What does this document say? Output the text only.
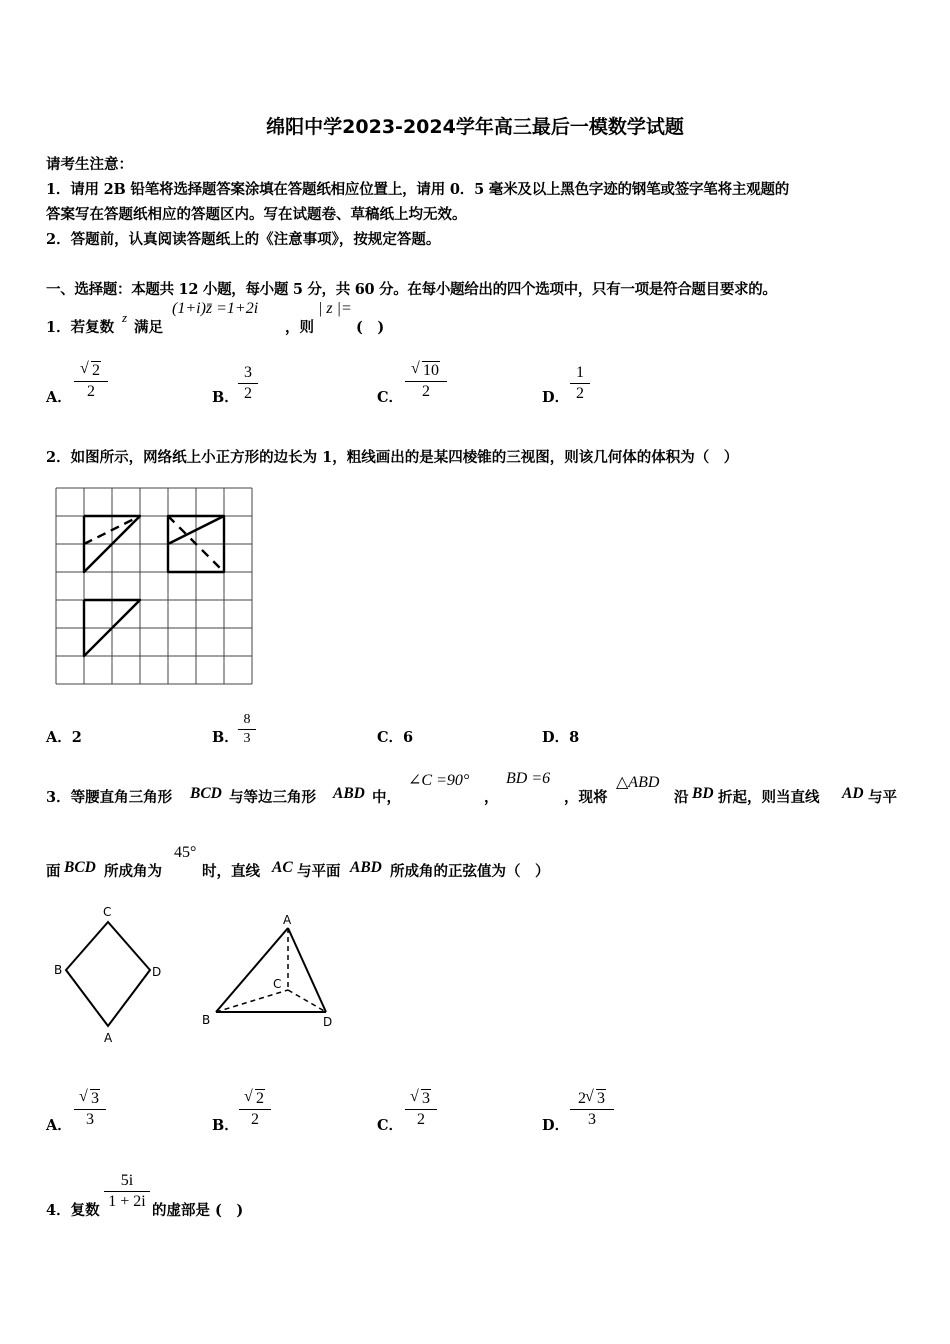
绵阳中学2023-2024学年高三最后一模数学试题
请考生注意：
1．请用 2B 铅笔将选择题答案涂填在答题纸相应位置上，请用 0．5 毫米及以上黑色字迹的钢笔或签字笔将主观题的
答案写在答题纸相应的答题区内。写在试题卷、草稿纸上均无效。
2．答题前，认真阅读答题纸上的《注意事项》，按规定答题。
一、选择题：本题共 12 小题，每小题 5 分，共 60 分。在每小题给出的四个选项中，只有一项是符合题目要求的。
1．若复数
z
满足
(1+i)z̄ =1+2i
，则
| z |=
(　)
A．
√ 2
2	B．
3
2	C．
√ 10
2	D．
1
2
2．如图所示，网络纸上小正方形的边长为 1，粗线画出的是某四棱锥的三视图，则该几何体的体积为（　）
A．2	B．
8
3	C．6	D．8
3．等腰直角三角形 BCD 与等边三角形 ABD 中，
∠C =90°
，
BD =6
，现将
△ABD
沿 BD 折起，则当直线 AD 与平
面 BCD 所成角为
45°
时，直线 AC 与平面 ABD 所成角的正弦值为（　）
C
B	D
A
A
C
B	D
A．
√ 3
3	B．
√ 2
2	C．
√ 3
2	D．
2√ 3
3
4．复数
5i
1 + 2i
的虚部是 (　)
